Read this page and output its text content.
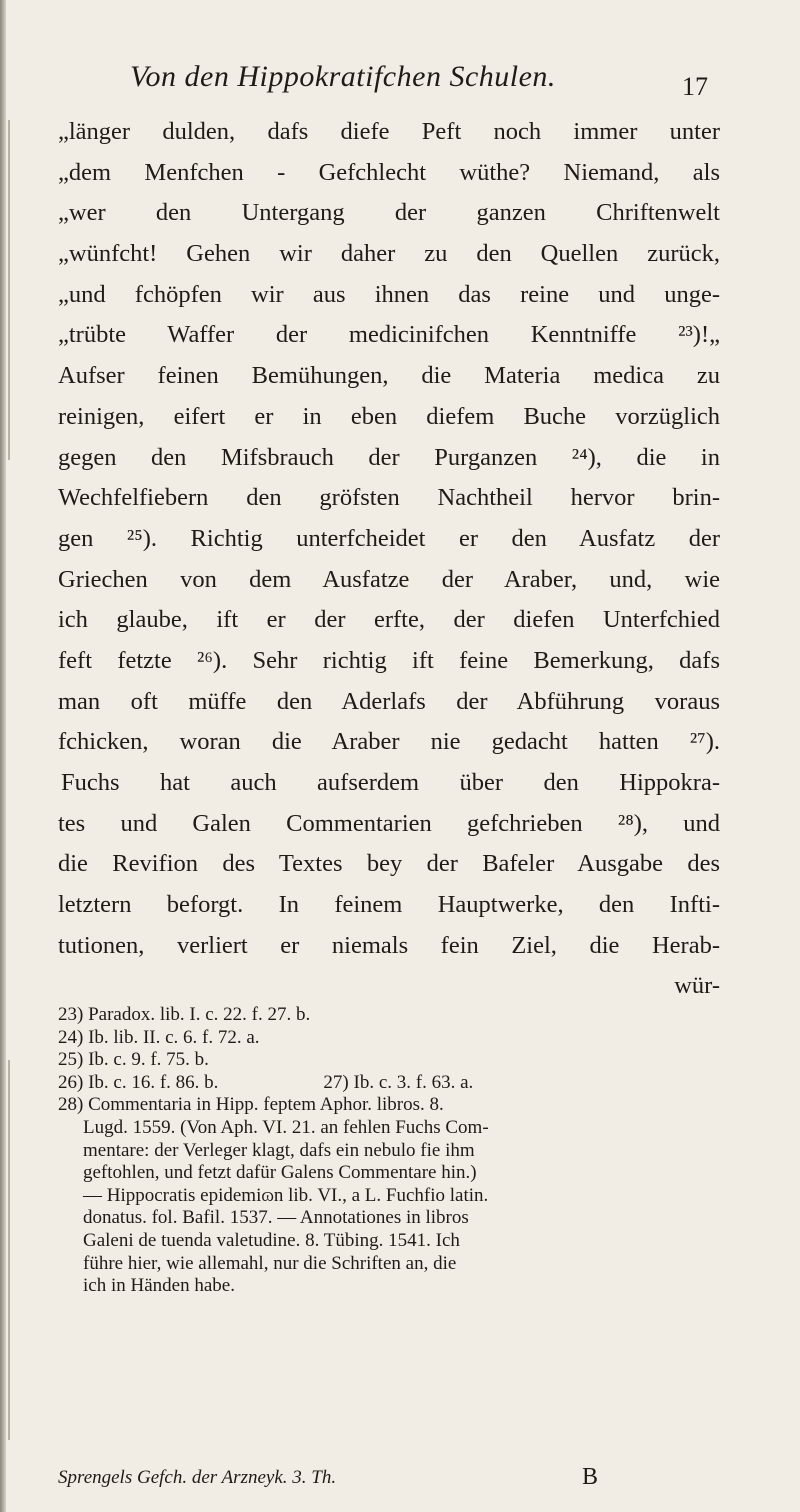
Von den Hippokratifchen Schulen.	17
„länger dulden, dafs diefe Peft noch immer unter
„dem Menfchen - Gefchlecht wüthe? Niemand, als
„wer den Untergang der ganzen Chriftenwelt
„wünfcht! Gehen wir daher zu den Quellen zurück,
„und fchöpfen wir aus ihnen das reine und unge-
„trübte Waffer der medicinifchen Kenntniffe ²³)!„
Aufser feinen Bemühungen, die Materia medica zu
reinigen, eifert er in eben diefem Buche vorzüglich
gegen den Mifsbrauch der Purganzen ²⁴), die in
Wechfelfiebern den gröfsten Nachtheil hervor brin-
gen ²⁵). Richtig unterfcheidet er den Ausfatz der
Griechen von dem Ausfatze der Araber, und, wie
ich glaube, ift er der erfte, der diefen Unterfchied
feft fetzte ²⁶). Sehr richtig ift feine Bemerkung, dafs
man oft müffe den Aderlafs der Abführung voraus
fchicken, woran die Araber nie gedacht hatten ²⁷).
Fuchs hat auch aufserdem über den Hippokra-
tes und Galen Commentarien gefchrieben ²⁸), und
die Revifion des Textes bey der Bafeler Ausgabe des
letztern beforgt. In feinem Hauptwerke, den Infti-
tutionen, verliert er niemals fein Ziel, die Herab-
wür-
23) Paradox. lib. I. c. 22. f. 27. b.
24) Ib. lib. II. c. 6. f. 72. a.
25) Ib. c. 9. f. 75. b.
26) Ib. c. 16. f. 86. b.	27) Ib. c. 3. f. 63. a.
28) Commentaria in Hipp. feptem Aphor. libros. 8.
Lugd. 1559. (Von Aph. VI. 21. an fehlen Fuchs Com-
mentare: der Verleger klagt, dafs ein nebulo fie ihm
geftohlen, und fetzt dafür Galens Commentare hin.)
— Hippocratis epidemiɷn lib. VI., a L. Fuchfio latin.
donatus. fol. Bafil. 1537. — Annotationes in libros
Galeni de tuenda valetudine. 8. Tübing. 1541. Ich
führe hier, wie allemahl, nur die Schriften an, die
ich in Händen habe.
Sprengels Gefch. der Arzneyk. 3. Th.	B
